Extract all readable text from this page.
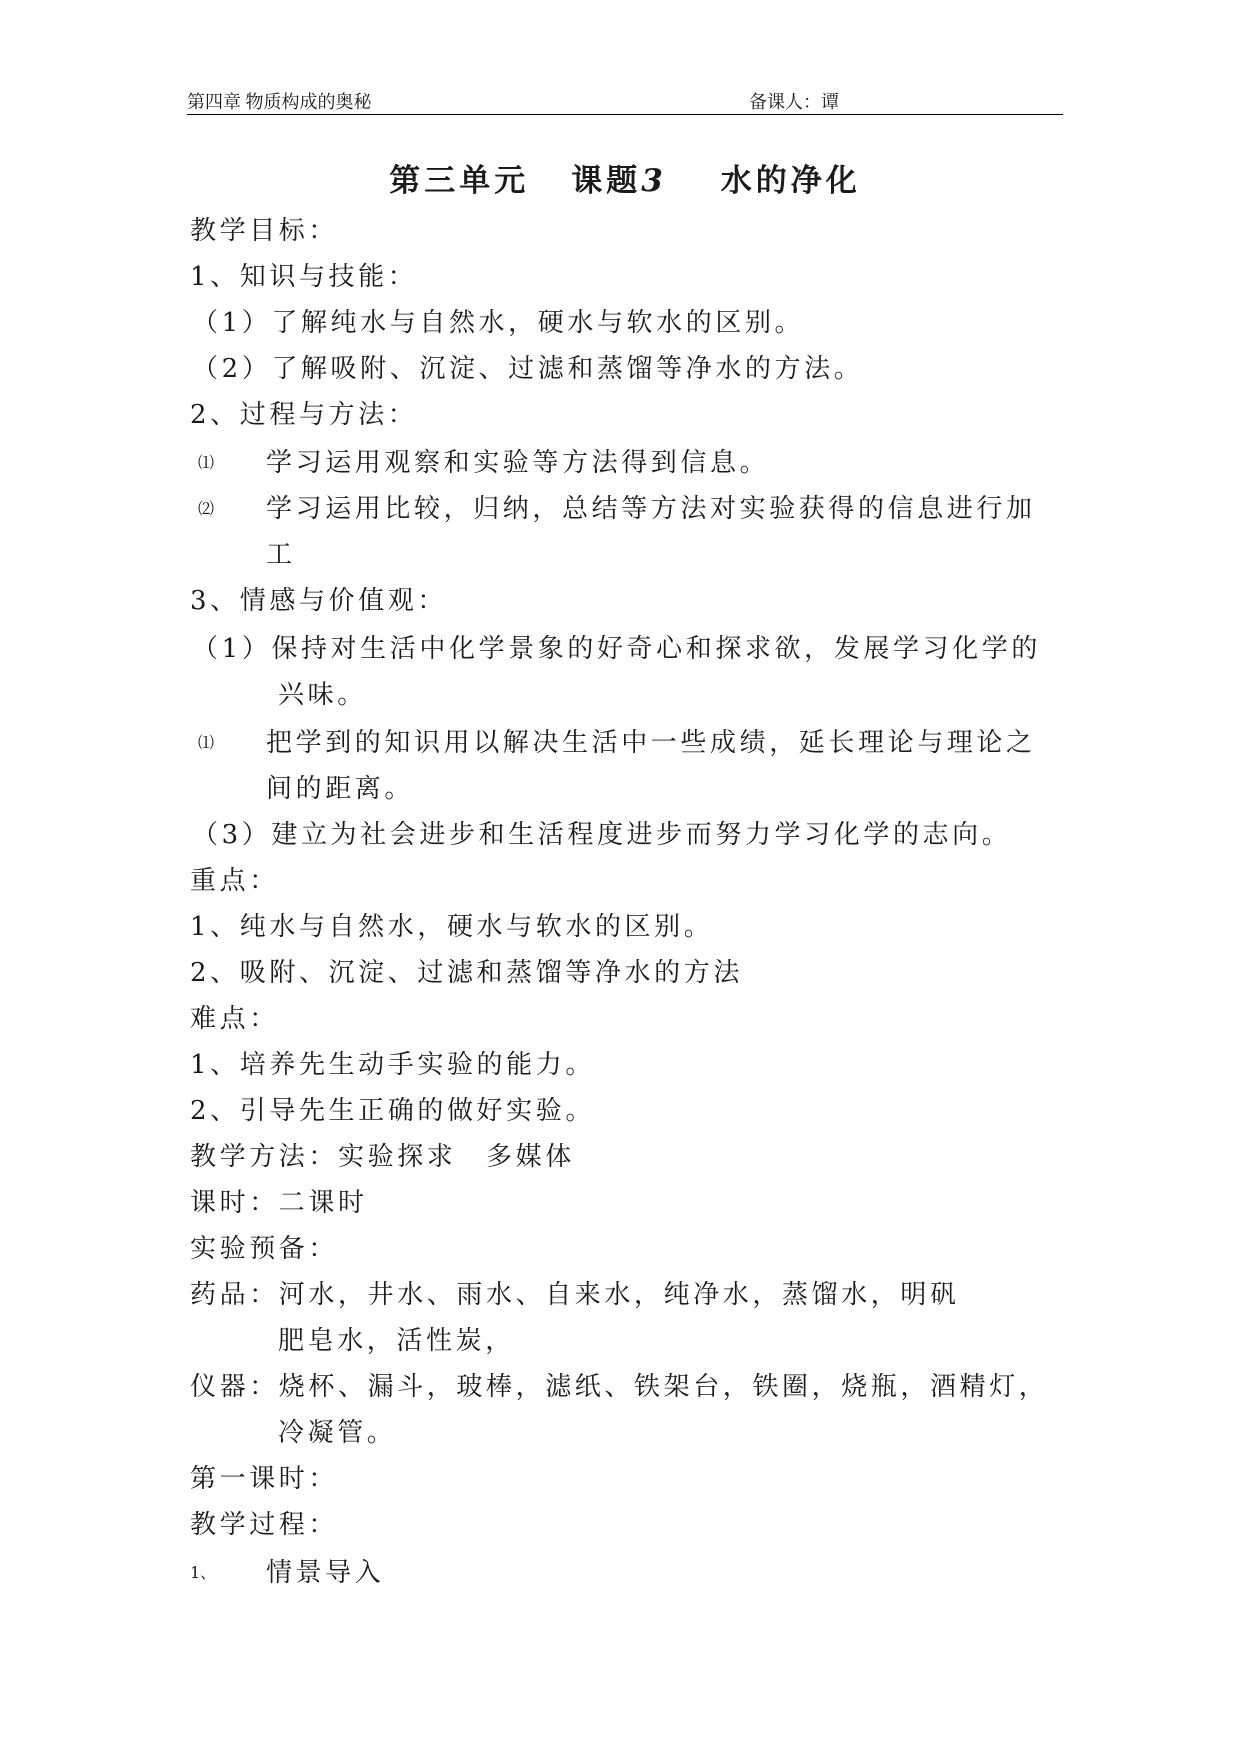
第四章 物质构成的奥秘	备课人：谭
第三单元 课题3 水的净化
教学目标：
1、知识与技能：
（1）了解纯水与自然水，硬水与软水的区别。
（2）了解吸附、沉淀、过滤和蒸馏等净水的方法。
2、过程与方法：
⑴ 学习运用观察和实验等方法得到信息。
⑵ 学习运用比较，归纳，总结等方法对实验获得的信息进行加
工
3、情感与价值观：
（1）保持对生活中化学景象的好奇心和探求欲，发展学习化学的
兴味。
⑴ 把学到的知识用以解决生活中一些成绩，延长理论与理论之
间的距离。
（3）建立为社会进步和生活程度进步而努力学习化学的志向。
重点：
1、纯水与自然水，硬水与软水的区别。
2、吸附、沉淀、过滤和蒸馏等净水的方法
难点：
1、培养先生动手实验的能力。
2、引导先生正确的做好实验。
教学方法：实验探求　多媒体
课时：二课时
实验预备：
药品：河水，井水、雨水、自来水，纯净水，蒸馏水，明矾
肥皂水，活性炭，
仪器：烧杯、漏斗，玻棒，滤纸、铁架台，铁圈，烧瓶，酒精灯，
冷凝管。
第一课时：
教学过程：
1、 情景导入
